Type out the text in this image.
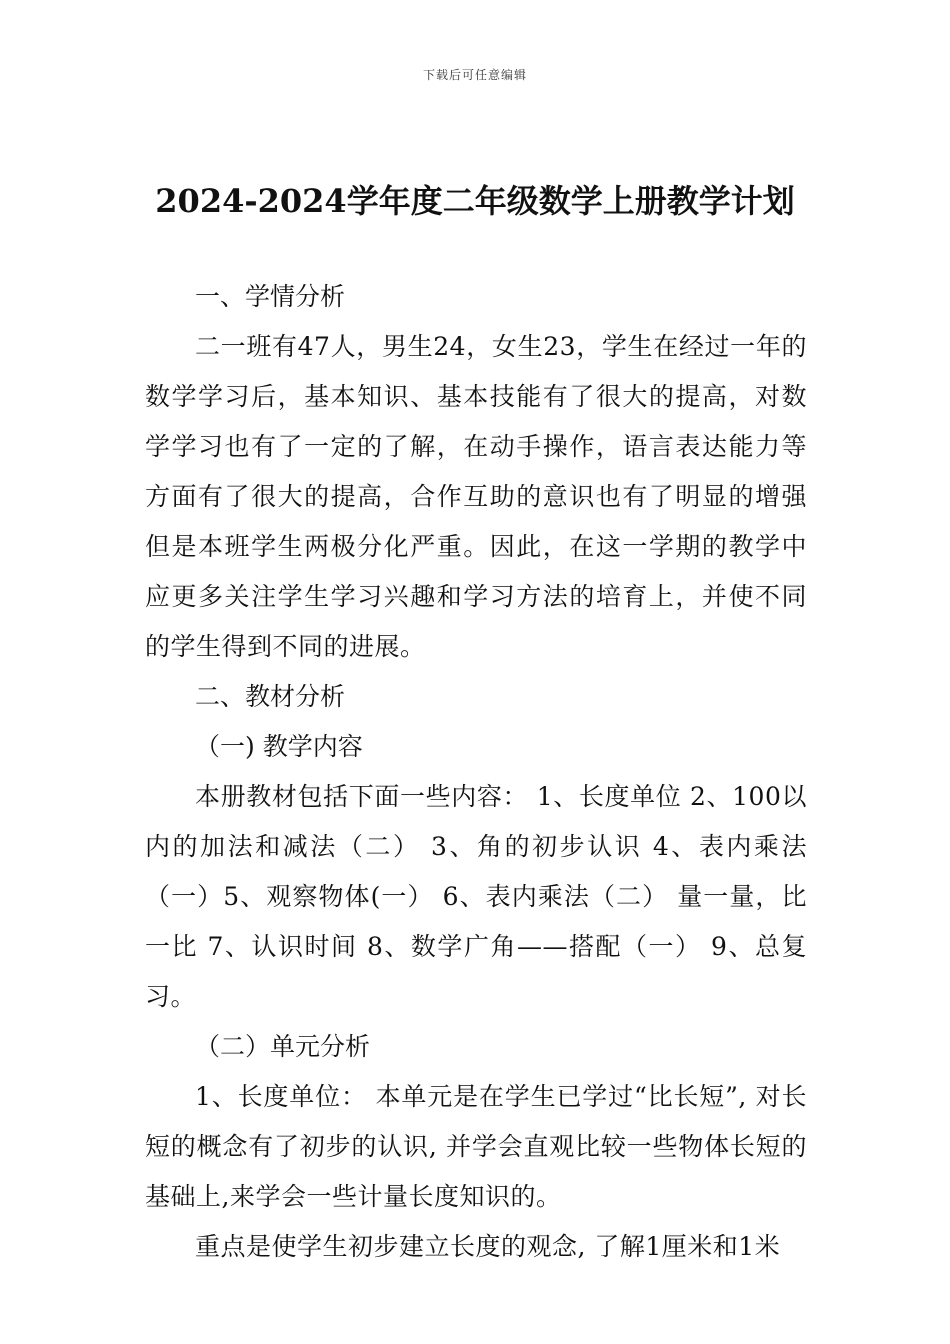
下载后可任意编辑
2024-2024学年度二年级数学上册教学计划

一、学情分析

二一班有47人，男生24，女生23，学生在经过一年的数学学习后，基本知识、基本技能有了很大的提高，对数学学习也有了一定的了解，在动手操作，语言表达能力等方面有了很大的提高，合作互助的意识也有了明显的增强但是本班学生两极分化严重。因此，在这一学期的教学中应更多关注学生学习兴趣和学习方法的培育上，并使不同的学生得到不同的进展。

二、教材分析

（一) 教学内容

本册教材包括下面一些内容： 1、长度单位 2、100以内的加法和减法（二） 3、角的初步认识 4、表内乘法（一）5、观察物体(一） 6、表内乘法（二） 量一量，比一比 7、认识时间 8、数学广角——搭配（一） 9、总复习。

（二）单元分析

1、长度单位： 本单元是在学生已学过“比长短”, 对长短的概念有了初步的认识, 并学会直观比较一些物体长短的基础上,来学会一些计量长度知识的。

重点是使学生初步建立长度的观念, 了解1厘米和1米
